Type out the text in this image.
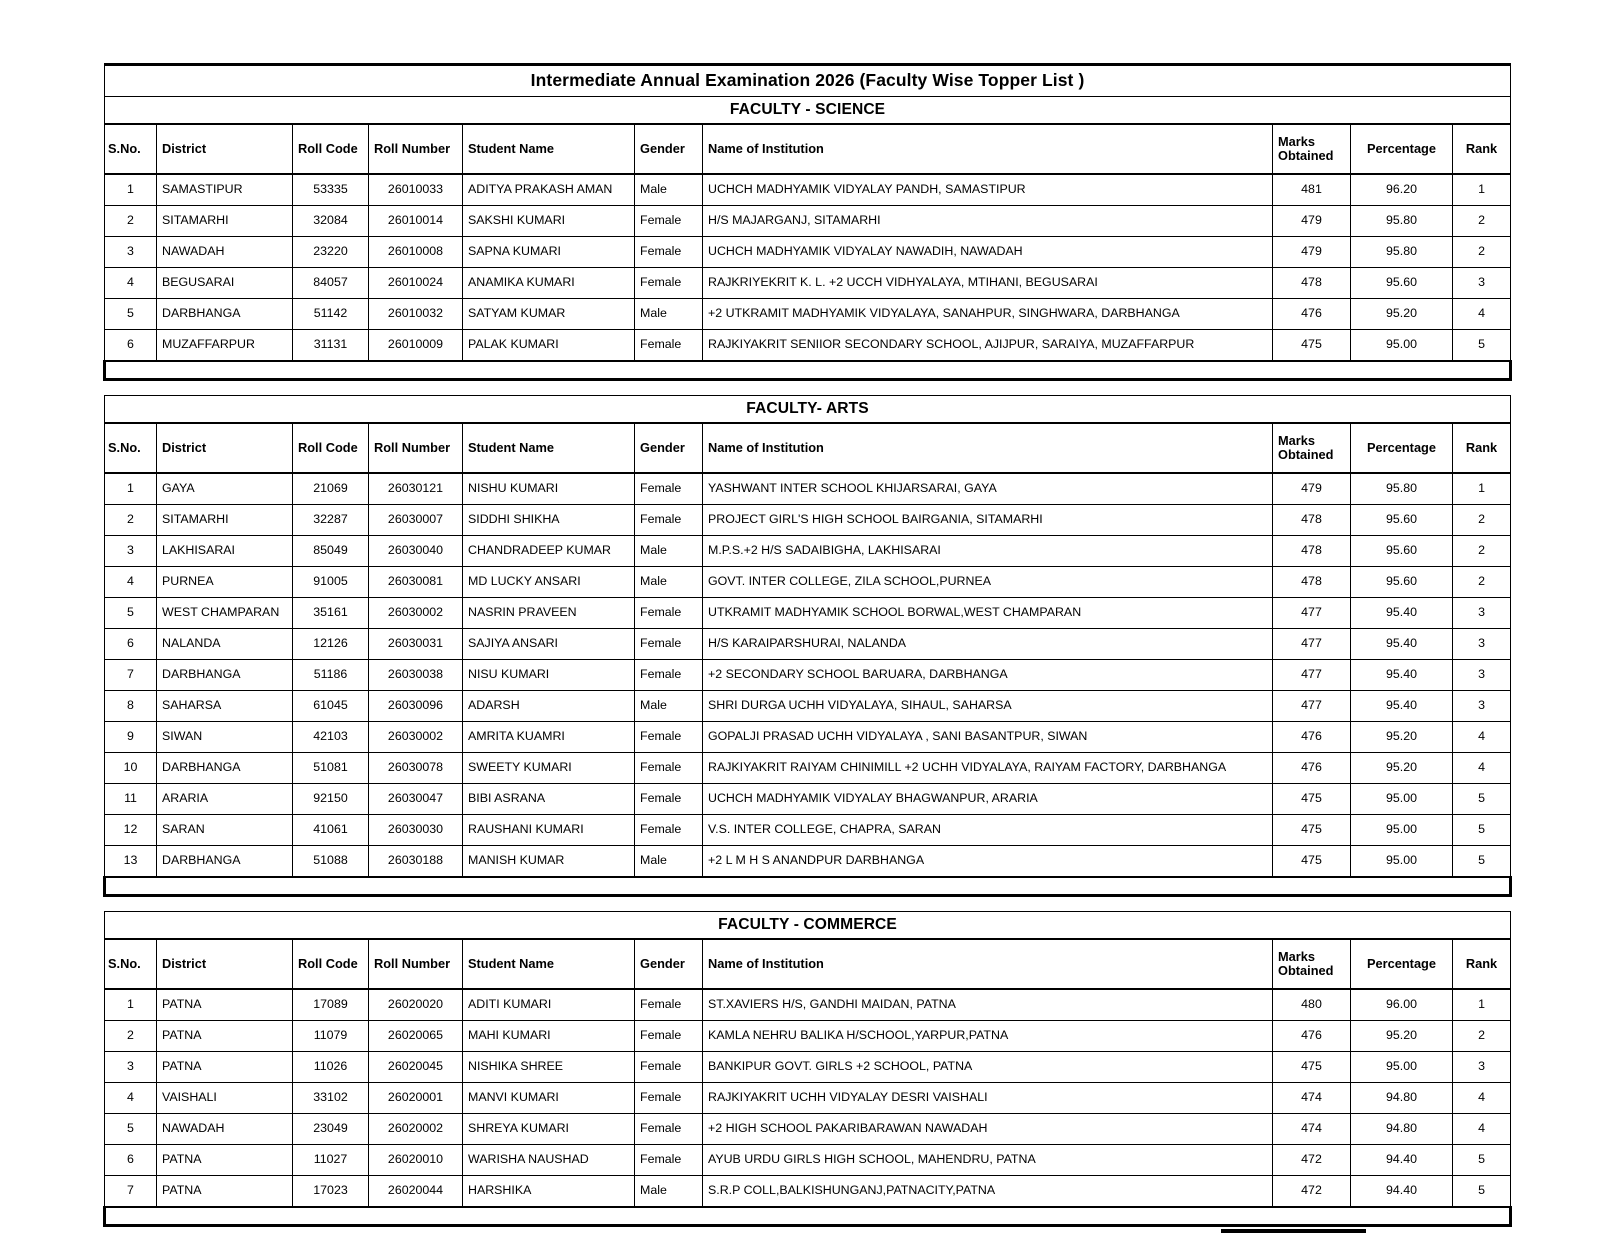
Intermediate Annual Examination 2026 (Faculty Wise Topper List )									
FACULTY - SCIENCE									
S.No.	District	Roll Code	Roll Number	Student Name	Gender	Name of Institution	Marks
Obtained	Percentage	Rank
1	SAMASTIPUR	53335	26010033	ADITYA PRAKASH AMAN	Male	UCHCH MADHYAMIK VIDYALAY PANDH, SAMASTIPUR	481	96.20	1
2	SITAMARHI	32084	26010014	SAKSHI KUMARI	Female	H/S MAJARGANJ, SITAMARHI	479	95.80	2
3	NAWADAH	23220	26010008	SAPNA KUMARI	Female	UCHCH MADHYAMIK VIDYALAY NAWADIH, NAWADAH	479	95.80	2
4	BEGUSARAI	84057	26010024	ANAMIKA KUMARI	Female	RAJKRIYEKRIT K. L. +2 UCCH VIDHYALAYA, MTIHANI, BEGUSARAI	478	95.60	3
5	DARBHANGA	51142	26010032	SATYAM KUMAR	Male	+2 UTKRAMIT MADHYAMIK VIDYALAYA, SANAHPUR, SINGHWARA, DARBHANGA	476	95.20	4
6	MUZAFFARPUR	31131	26010009	PALAK KUMARI	Female	RAJKIYAKRIT SENIIOR SECONDARY SCHOOL, AJIJPUR, SARAIYA, MUZAFFARPUR	475	95.00	5

FACULTY- ARTS									
S.No.	District	Roll Code	Roll Number	Student Name	Gender	Name of Institution	Marks
Obtained	Percentage	Rank
1	GAYA	21069	26030121	NISHU KUMARI	Female	YASHWANT INTER SCHOOL KHIJARSARAI, GAYA	479	95.80	1
2	SITAMARHI	32287	26030007	SIDDHI SHIKHA	Female	PROJECT GIRL'S HIGH SCHOOL BAIRGANIA, SITAMARHI	478	95.60	2
3	LAKHISARAI	85049	26030040	CHANDRADEEP KUMAR	Male	M.P.S.+2 H/S SADAIBIGHA, LAKHISARAI	478	95.60	2
4	PURNEA	91005	26030081	MD LUCKY ANSARI	Male	GOVT. INTER COLLEGE, ZILA SCHOOL,PURNEA	478	95.60	2
5	WEST CHAMPARAN	35161	26030002	NASRIN PRAVEEN	Female	UTKRAMIT MADHYAMIK SCHOOL BORWAL,WEST CHAMPARAN	477	95.40	3
6	NALANDA	12126	26030031	SAJIYA ANSARI	Female	H/S KARAIPARSHURAI, NALANDA	477	95.40	3
7	DARBHANGA	51186	26030038	NISU KUMARI	Female	+2 SECONDARY SCHOOL BARUARA, DARBHANGA	477	95.40	3
8	SAHARSA	61045	26030096	ADARSH	Male	SHRI DURGA UCHH VIDYALAYA, SIHAUL, SAHARSA	477	95.40	3
9	SIWAN	42103	26030002	AMRITA KUAMRI	Female	GOPALJI PRASAD UCHH VIDYALAYA , SANI BASANTPUR, SIWAN	476	95.20	4
10	DARBHANGA	51081	26030078	SWEETY KUMARI	Female	RAJKIYAKRIT RAIYAM CHINIMILL +2 UCHH VIDYALAYA, RAIYAM FACTORY, DARBHANGA	476	95.20	4
11	ARARIA	92150	26030047	BIBI ASRANA	Female	UCHCH MADHYAMIK VIDYALAY BHAGWANPUR, ARARIA	475	95.00	5
12	SARAN	41061	26030030	RAUSHANI KUMARI	Female	V.S. INTER COLLEGE, CHAPRA, SARAN	475	95.00	5
13	DARBHANGA	51088	26030188	MANISH KUMAR	Male	+2 L M H S ANANDPUR DARBHANGA	475	95.00	5

FACULTY - COMMERCE									
S.No.	District	Roll Code	Roll Number	Student Name	Gender	Name of Institution	Marks
Obtained	Percentage	Rank
1	PATNA	17089	26020020	ADITI KUMARI	Female	ST.XAVIERS H/S, GANDHI MAIDAN, PATNA	480	96.00	1
2	PATNA	11079	26020065	MAHI KUMARI	Female	KAMLA NEHRU BALIKA H/SCHOOL,YARPUR,PATNA	476	95.20	2
3	PATNA	11026	26020045	NISHIKA SHREE	Female	BANKIPUR GOVT. GIRLS +2 SCHOOL, PATNA	475	95.00	3
4	VAISHALI	33102	26020001	MANVI KUMARI	Female	RAJKIYAKRIT UCHH VIDYALAY DESRI VAISHALI	474	94.80	4
5	NAWADAH	23049	26020002	SHREYA KUMARI	Female	+2 HIGH SCHOOL PAKARIBARAWAN NAWADAH	474	94.80	4
6	PATNA	11027	26020010	WARISHA NAUSHAD	Female	AYUB URDU GIRLS HIGH SCHOOL, MAHENDRU, PATNA	472	94.40	5
7	PATNA	17023	26020044	HARSHIKA	Male	S.R.P COLL,BALKISHUNGANJ,PATNACITY,PATNA	472	94.40	5
